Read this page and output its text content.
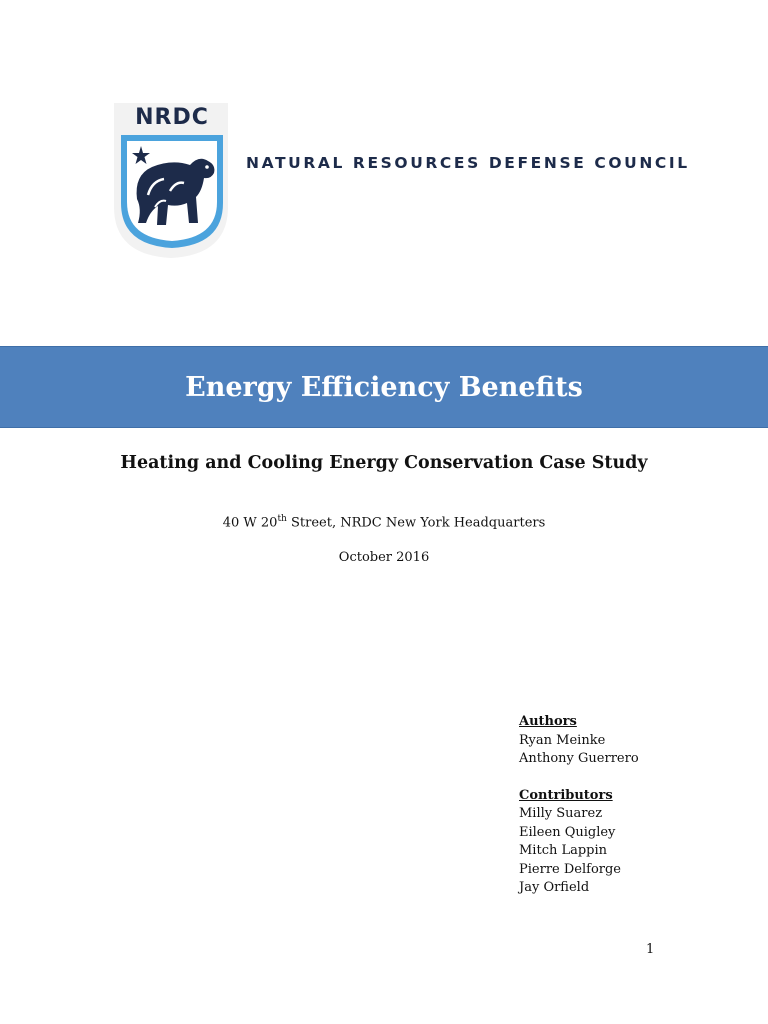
NRDC
NATURAL RESOURCES DEFENSE COUNCIL
Energy Efficiency Benefits
Heating and Cooling Energy Conservation Case Study
40 W 20th Street, NRDC New York Headquarters
October 2016
Authors
Ryan Meinke
Anthony Guerrero
Contributors
Milly Suarez
Eileen Quigley
Mitch Lappin
Pierre Delforge
Jay Orfield
1
